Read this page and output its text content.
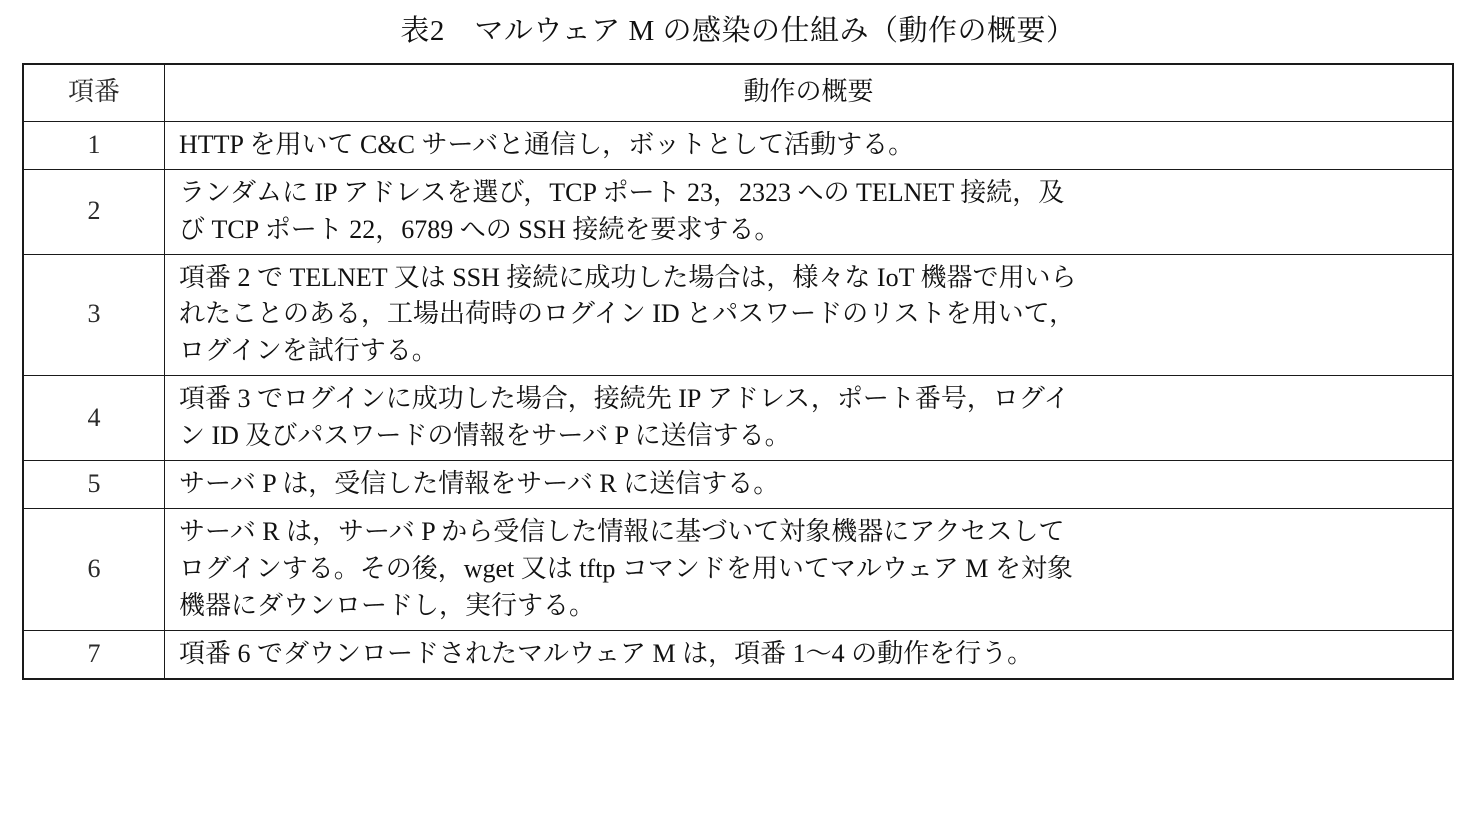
表2　マルウェア M の感染の仕組み（動作の概要）
項番	動作の概要
1	HTTP を用いて C&C サーバと通信し，ボットとして活動する。

2	ランダムに IP アドレスを選び，TCP ポート 23，2323 への TELNET 接続，及
び TCP ポート 22，6789 への SSH 接続を要求する。

3	項番 2 で TELNET 又は SSH 接続に成功した場合は，様々な IoT 機器で用いら
れたことのある，工場出荷時のログイン ID とパスワードのリストを用いて，
ログインを試行する。

4	項番 3 でログインに成功した場合，接続先 IP アドレス，ポート番号，ログイ
ン ID 及びパスワードの情報をサーバ P に送信する。

5	サーバ P は，受信した情報をサーバ R に送信する。

6	サーバ R は，サーバ P から受信した情報に基づいて対象機器にアクセスして
ログインする。その後，wget 又は tftp コマンドを用いてマルウェア M を対象
機器にダウンロードし，実行する。

7	項番 6 でダウンロードされたマルウェア M は，項番 1～4 の動作を行う。
